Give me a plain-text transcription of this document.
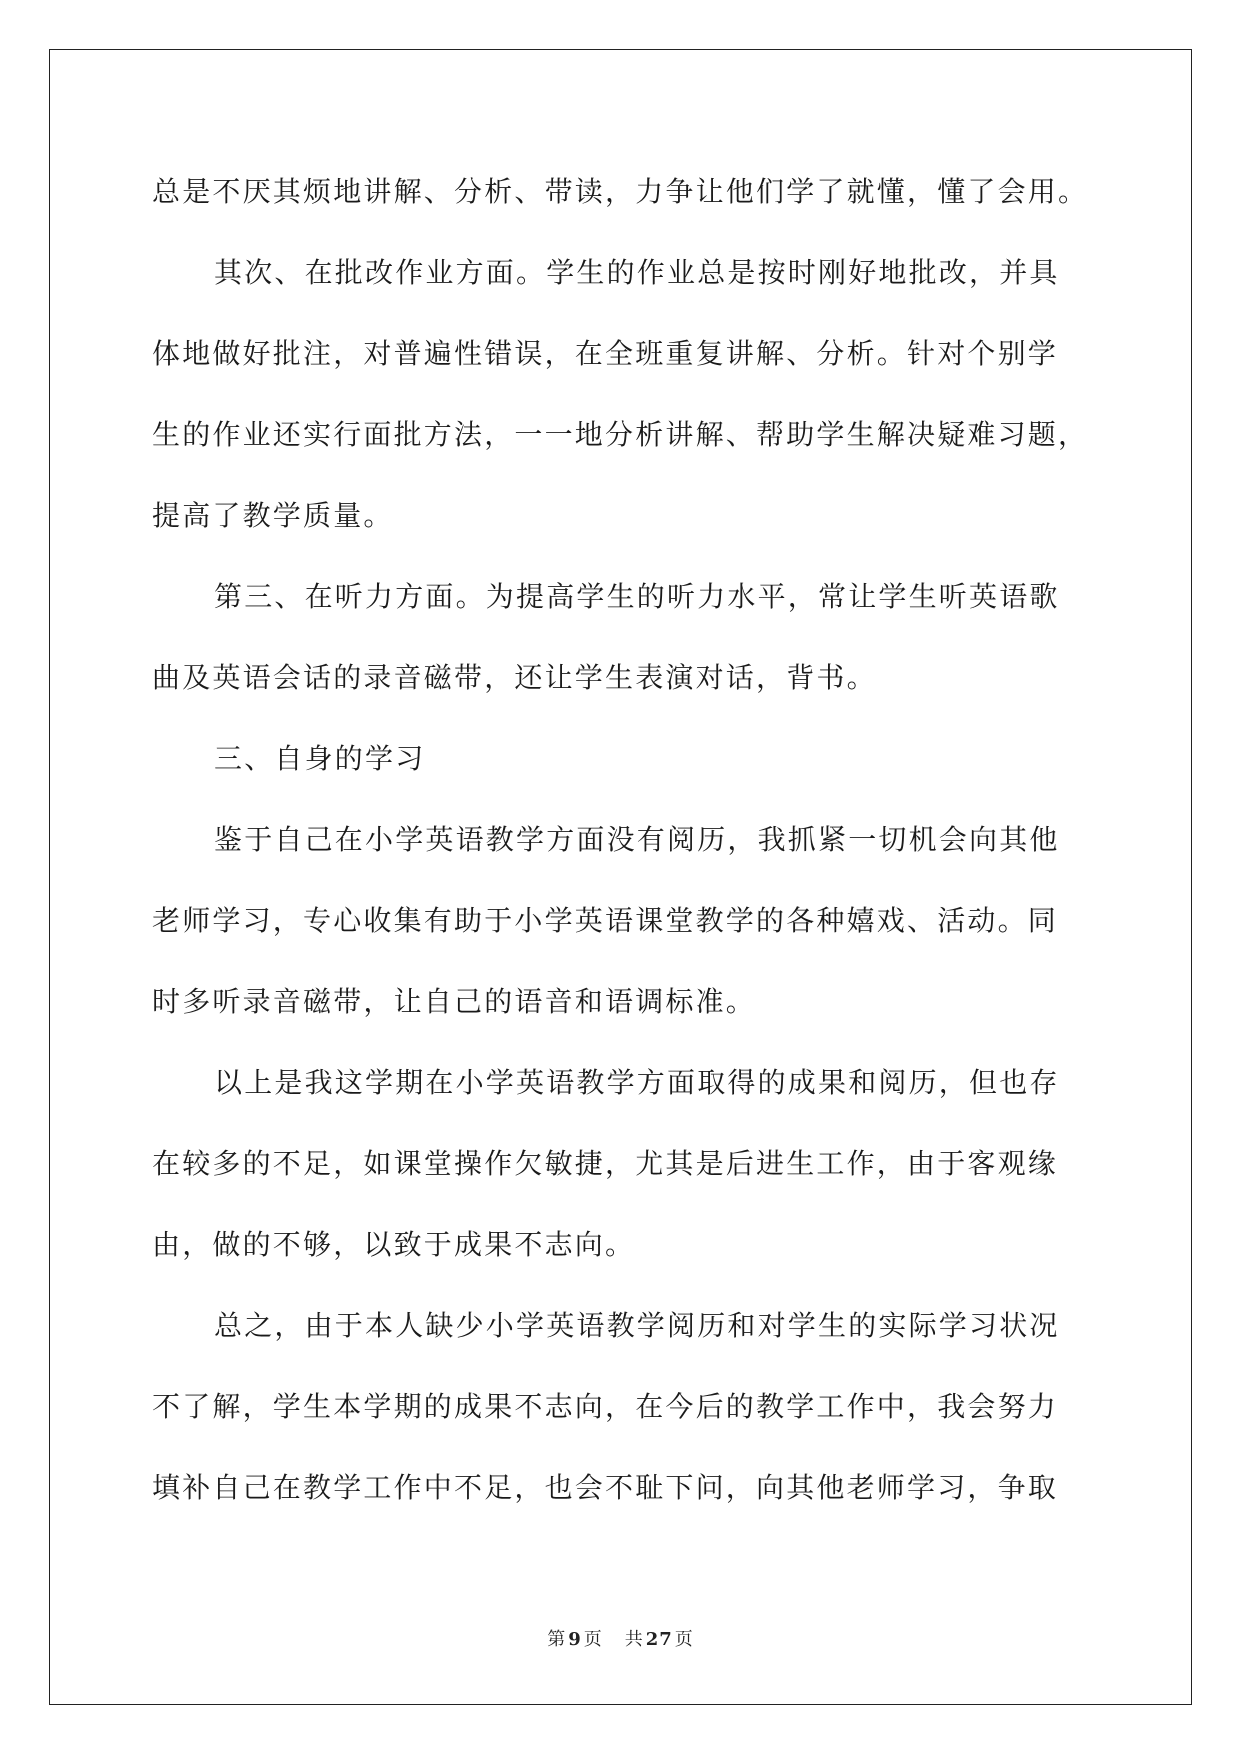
总是不厌其烦地讲解、分析、带读，力争让他们学了就懂，懂了会用。
其次、在批改作业方面。学生的作业总是按时刚好地批改，并具
体地做好批注，对普遍性错误，在全班重复讲解、分析。针对个别学
生的作业还实行面批方法，一一地分析讲解、帮助学生解决疑难习题，
提高了教学质量。
第三、在听力方面。为提高学生的听力水平，常让学生听英语歌
曲及英语会话的录音磁带，还让学生表演对话，背书。
三、自身的学习
鉴于自己在小学英语教学方面没有阅历，我抓紧一切机会向其他
老师学习，专心收集有助于小学英语课堂教学的各种嬉戏、活动。同
时多听录音磁带，让自己的语音和语调标准。
以上是我这学期在小学英语教学方面取得的成果和阅历，但也存
在较多的不足，如课堂操作欠敏捷，尤其是后进生工作，由于客观缘
由，做的不够，以致于成果不志向。
总之，由于本人缺少小学英语教学阅历和对学生的实际学习状况
不了解，学生本学期的成果不志向，在今后的教学工作中，我会努力
填补自己在教学工作中不足，也会不耻下问，向其他老师学习，争取
第 9 页 共 27 页
